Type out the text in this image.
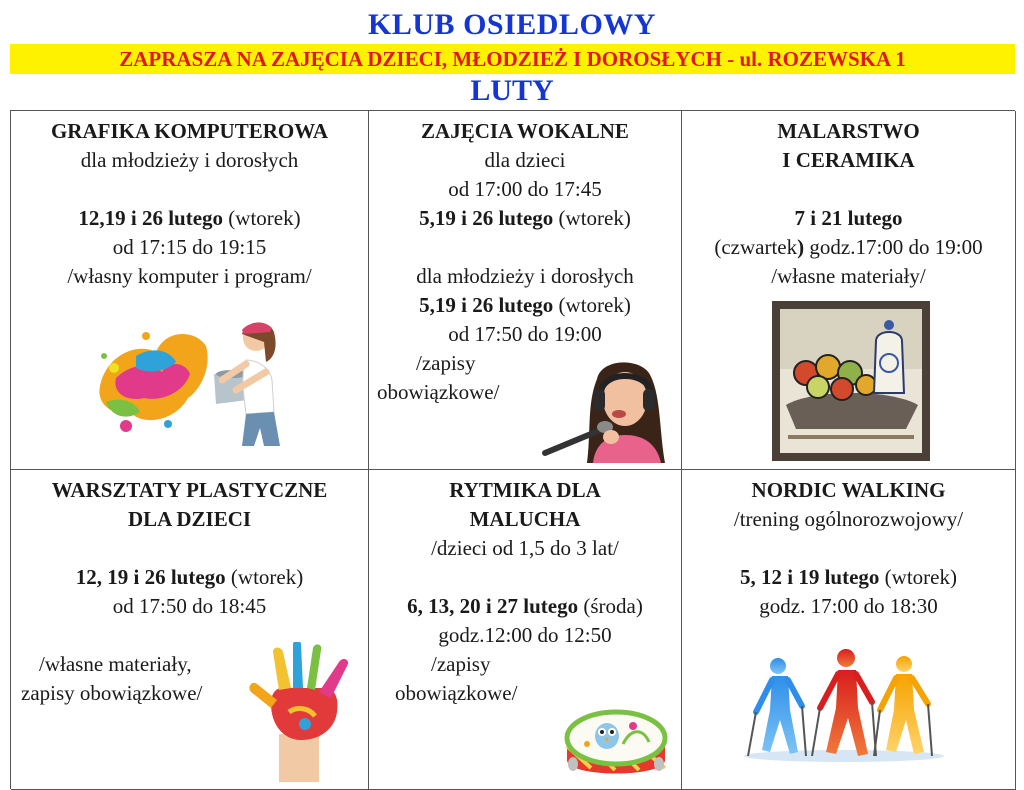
KLUB OSIEDLOWY
ZAPRASZA NA ZAJĘCIA DZIECI, MŁODZIEŻ I DOROSŁYCH - ul. ROZEWSKA 1
LUTY
GRAFIKA KOMPUTEROWA
dla młodzieży i dorosłych
12,19 i 26 lutego (wtorek)
od 17:15 do 19:15
/własny komputer i program/
ZAJĘCIA WOKALNE
dla dzieci
od 17:00 do 17:45
5,19 i 26 lutego (wtorek)
dla młodzieży i dorosłych
5,19 i 26 lutego (wtorek)
od 17:50 do 19:00
/zapisy
obowiązkowe/
MALARSTWO
I CERAMIKA
7 i 21 lutego
(czwartek) godz.17:00 do 19:00
/własne materiały/
WARSZTATY PLASTYCZNE
DLA DZIECI
12, 19 i 26 lutego (wtorek)
od 17:50 do 18:45
/własne materiały,
zapisy obowiązkowe/
RYTMIKA DLA
MALUCHA
/dzieci od 1,5 do 3 lat/
6, 13, 20 i 27 lutego (środa)
godz.12:00 do 12:50
/zapisy
obowiązkowe/
NORDIC WALKING
/trening ogólnorozwojowy/
5, 12 i 19 lutego (wtorek)
godz. 17:00 do 18:30
